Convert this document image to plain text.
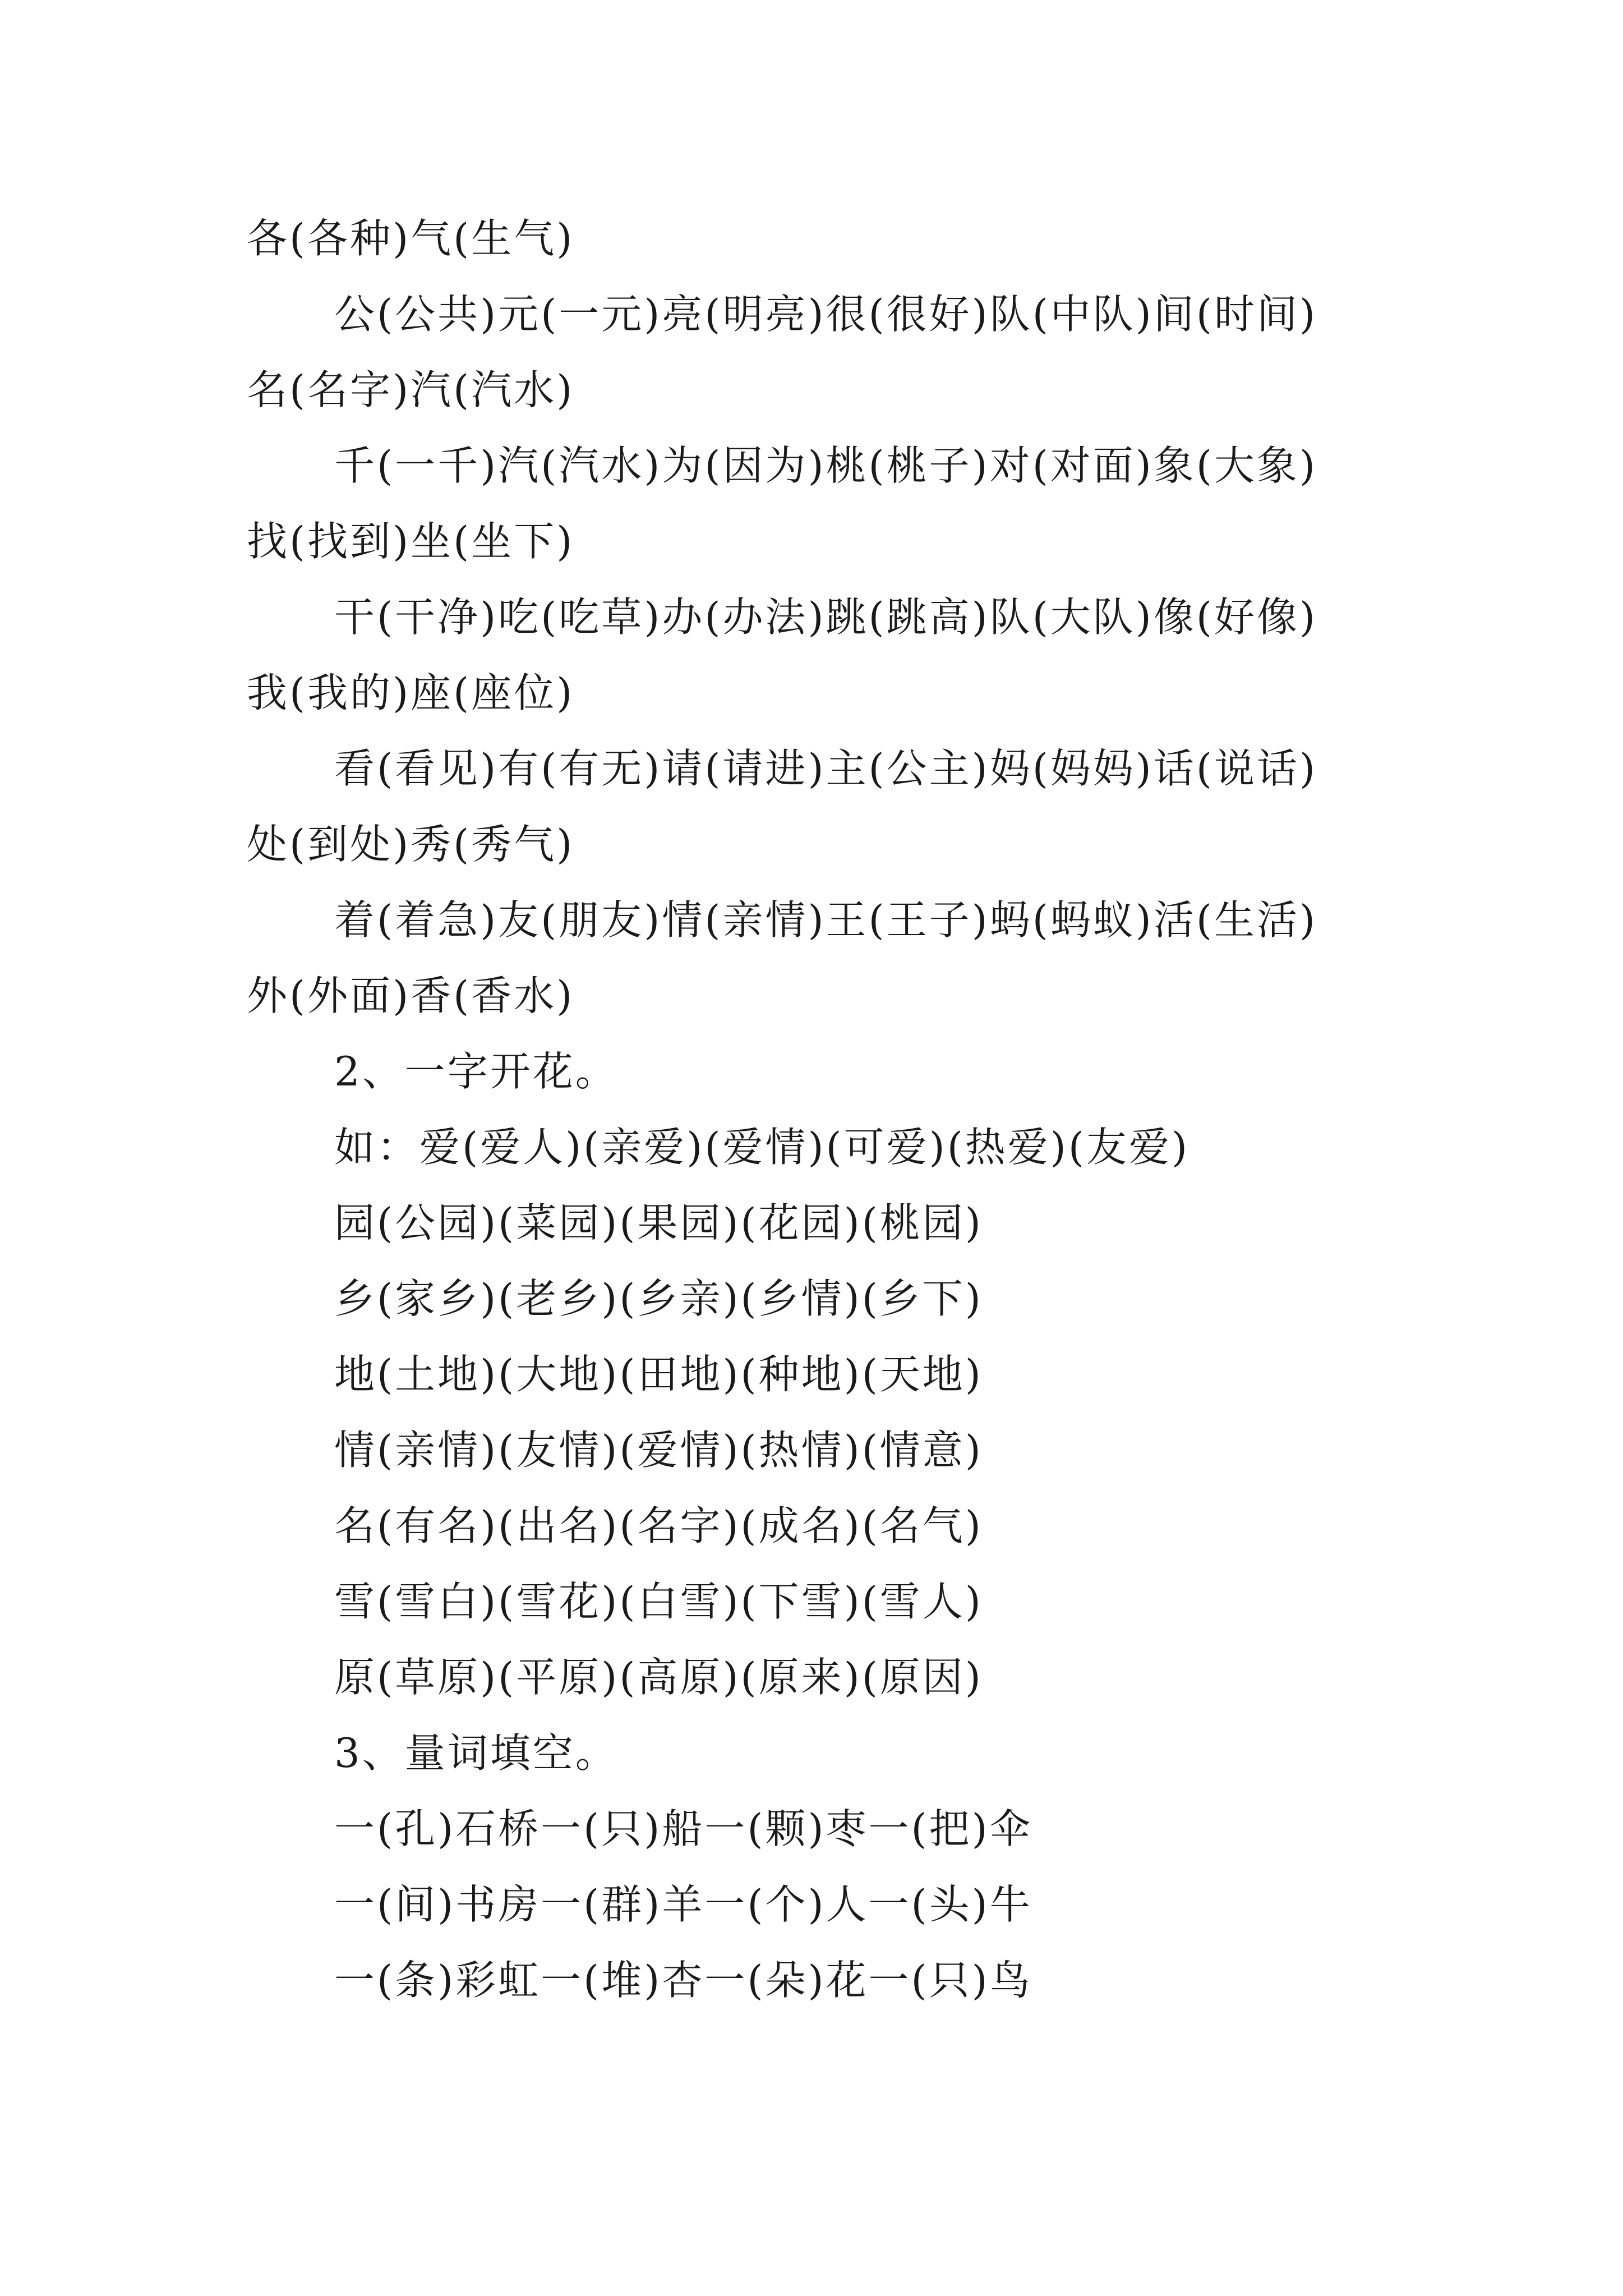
各(各种)气(生气)
公(公共)元(一元)亮(明亮)很(很好)队(中队)间(时间)
名(名字)汽(汽水)
千(一千)汽(汽水)为(因为)桃(桃子)对(对面)象(大象)
找(找到)坐(坐下)
干(干净)吃(吃草)办(办法)跳(跳高)队(大队)像(好像)
我(我的)座(座位)
看(看见)有(有无)请(请进)主(公主)妈(妈妈)话(说话)
处(到处)秀(秀气)
着(着急)友(朋友)情(亲情)王(王子)蚂(蚂蚁)活(生活)
外(外面)香(香水)
2、一字开花。
如：爱(爱人)(亲爱)(爱情)(可爱)(热爱)(友爱)
园(公园)(菜园)(果园)(花园)(桃园)
乡(家乡)(老乡)(乡亲)(乡情)(乡下)
地(土地)(大地)(田地)(种地)(天地)
情(亲情)(友情)(爱情)(热情)(情意)
名(有名)(出名)(名字)(成名)(名气)
雪(雪白)(雪花)(白雪)(下雪)(雪人)
原(草原)(平原)(高原)(原来)(原因)
3、量词填空。
一(孔)石桥一(只)船一(颗)枣一(把)伞
一(间)书房一(群)羊一(个)人一(头)牛
一(条)彩虹一(堆)杏一(朵)花一(只)鸟
